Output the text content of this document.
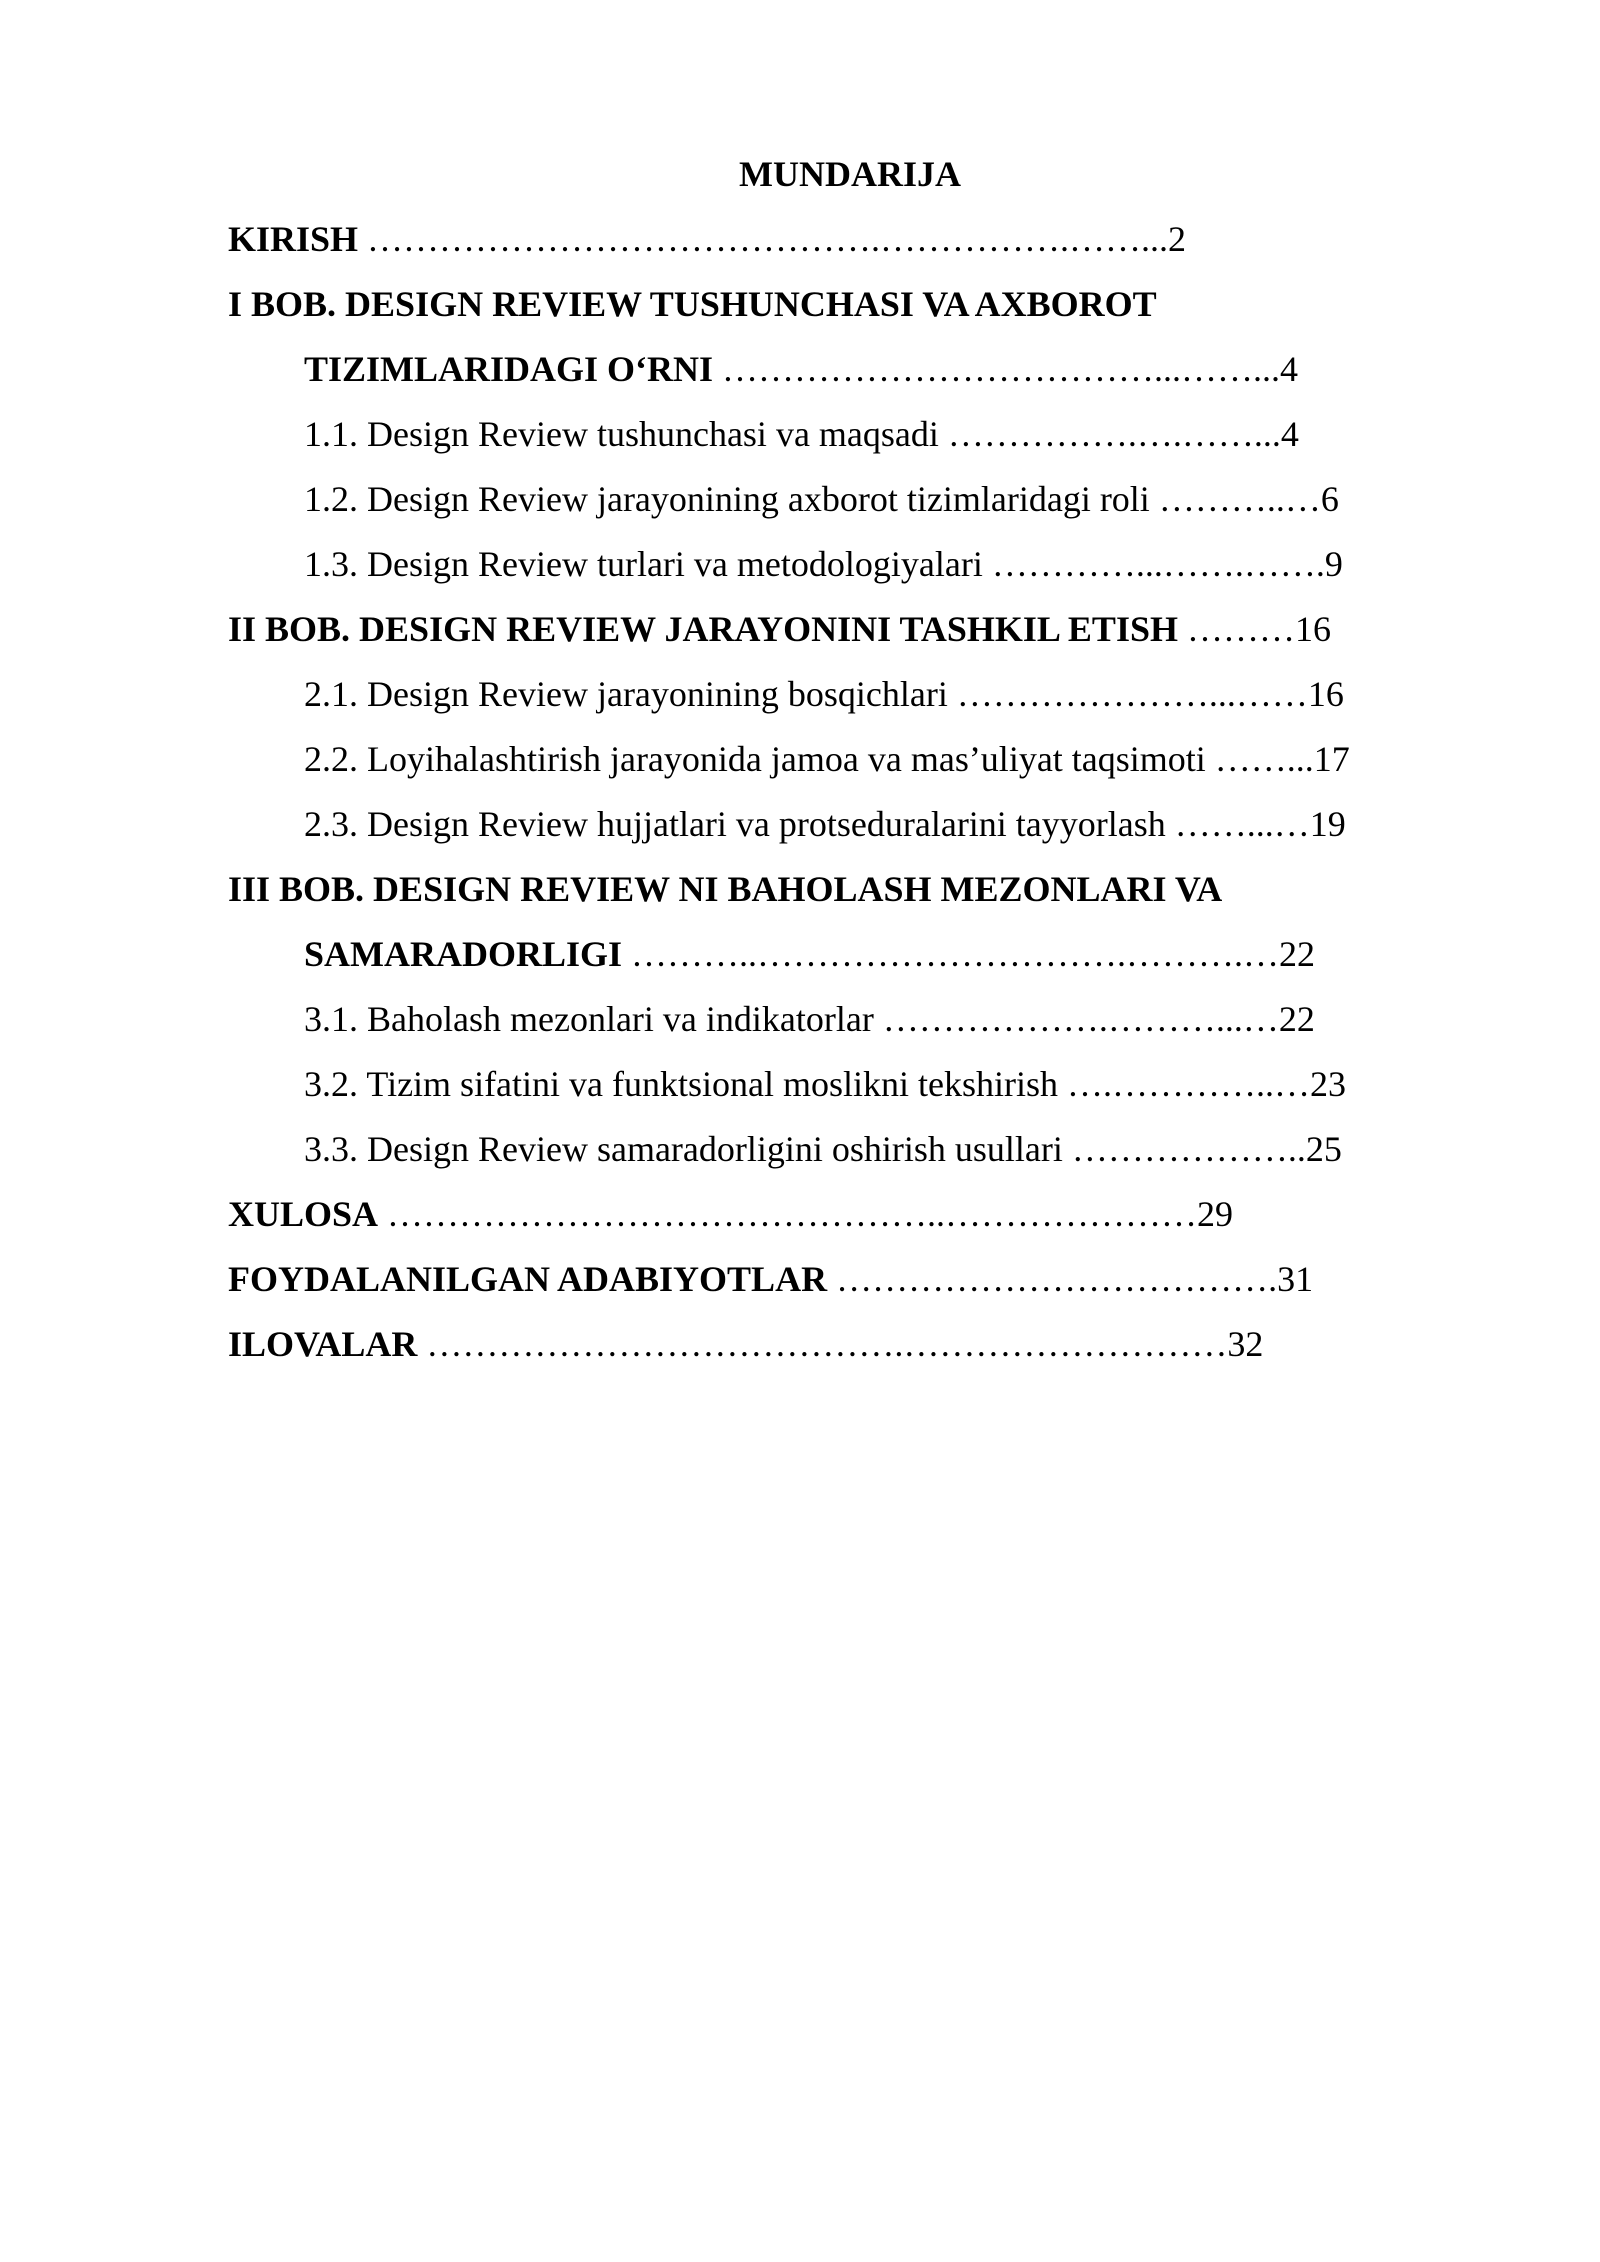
MUNDARIJA
KIRISH …………………………………….…………….……...2
I BOB. DESIGN REVIEW TUSHUNCHASI VA AXBOROT
TIZIMLARIDAGI O‘RNI ………………………………...……...4
1.1. Design Review tushunchasi va maqsadi …………….….……...4
1.2. Design Review jarayonining axborot tizimlaridagi roli ………..…6
1.3. Design Review turlari va metodologiyalari …………...…….…….9
II BOB. DESIGN REVIEW JARAYONINI TASHKIL ETISH ………16
2.1. Design Review jarayonining bosqichlari …………………...……16
2.2. Loyihalashtirish jarayonida jamoa va mas’uliyat taqsimoti ……...17
2.3. Design Review hujjatlari va protseduralarini tayyorlash ……...…19
III BOB. DESIGN REVIEW NI BAHOLASH MEZONLARI VA
SAMARADORLIGI ………..………………………….……….…22
3.1. Baholash mezonlari va indikatorlar ……………….………...…22
3.2. Tizim sifatini va funktsional moslikni tekshirish ….…………..…23
3.3. Design Review samaradorligini oshirish usullari ………………..25
XULOSA ………………………………………..…………………29
FOYDALANILGAN ADABIYOTLAR ……………………………….31
ILOVALAR ………………………………….………………………32
